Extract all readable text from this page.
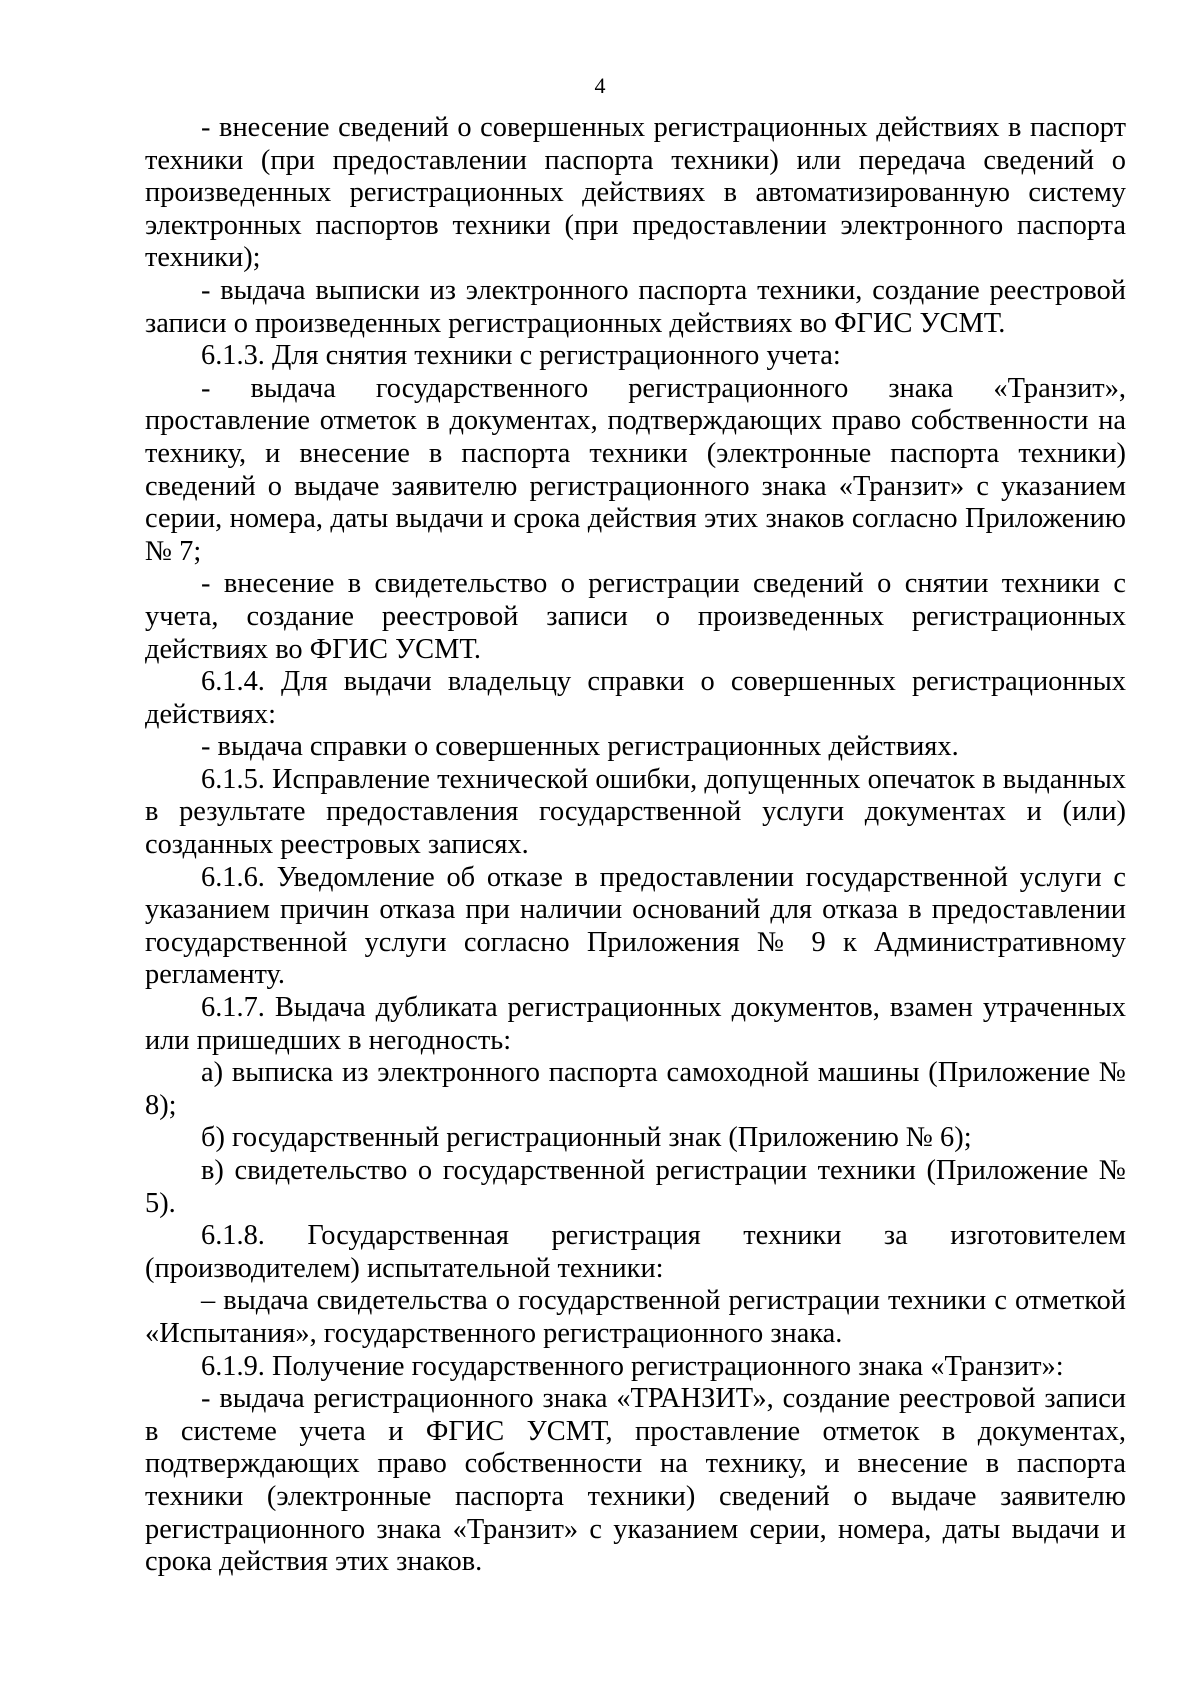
4

- внесение сведений о совершенных регистрационных действиях в паспорт техники (при предоставлении паспорта техники) или передача сведений о произведенных регистрационных действиях в автоматизированную систему электронных паспортов техники (при предоставлении электронного паспорта техники);

- выдача выписки из электронного паспорта техники, создание реестровой записи о произведенных регистрационных действиях во ФГИС УСМТ.

6.1.3. Для снятия техники с регистрационного учета:

- выдача государственного регистрационного знака «Транзит», проставление отметок в документах, подтверждающих право собственности на технику, и внесение в паспорта техники (электронные паспорта техники) сведений о выдаче заявителю регистрационного знака «Транзит» с указанием серии, номера, даты выдачи и срока действия этих знаков согласно Приложению № 7;

- внесение в свидетельство о регистрации сведений о снятии техники с учета, создание реестровой записи о произведенных регистрационных действиях во ФГИС УСМТ.

6.1.4. Для выдачи владельцу справки о совершенных регистрационных действиях:

- выдача справки о совершенных регистрационных действиях.

6.1.5. Исправление технической ошибки, допущенных опечаток в выданных в результате предоставления государственной услуги документах и (или) созданных реестровых записях.

6.1.6. Уведомление об отказе в предоставлении государственной услуги с указанием причин отказа при наличии оснований для отказа в предоставлении государственной услуги согласно Приложения № 9 к Административному регламенту.

6.1.7. Выдача дубликата регистрационных документов, взамен утраченных или пришедших в негодность:

а) выписка из электронного паспорта самоходной машины (Приложение № 8);

б) государственный регистрационный знак (Приложению № 6);

в) свидетельство о государственной регистрации техники (Приложение № 5).

6.1.8. Государственная регистрация техники за изготовителем (производителем) испытательной техники:

– выдача свидетельства о государственной регистрации техники с отметкой «Испытания», государственного регистрационного знака.

6.1.9. Получение государственного регистрационного знака «Транзит»:

- выдача регистрационного знака «ТРАНЗИТ», создание реестровой записи в системе учета и ФГИС УСМТ, проставление отметок в документах, подтверждающих право собственности на технику, и внесение в паспорта техники (электронные паспорта техники) сведений о выдаче заявителю регистрационного знака «Транзит» с указанием серии, номера, даты выдачи и срока действия этих знаков.
